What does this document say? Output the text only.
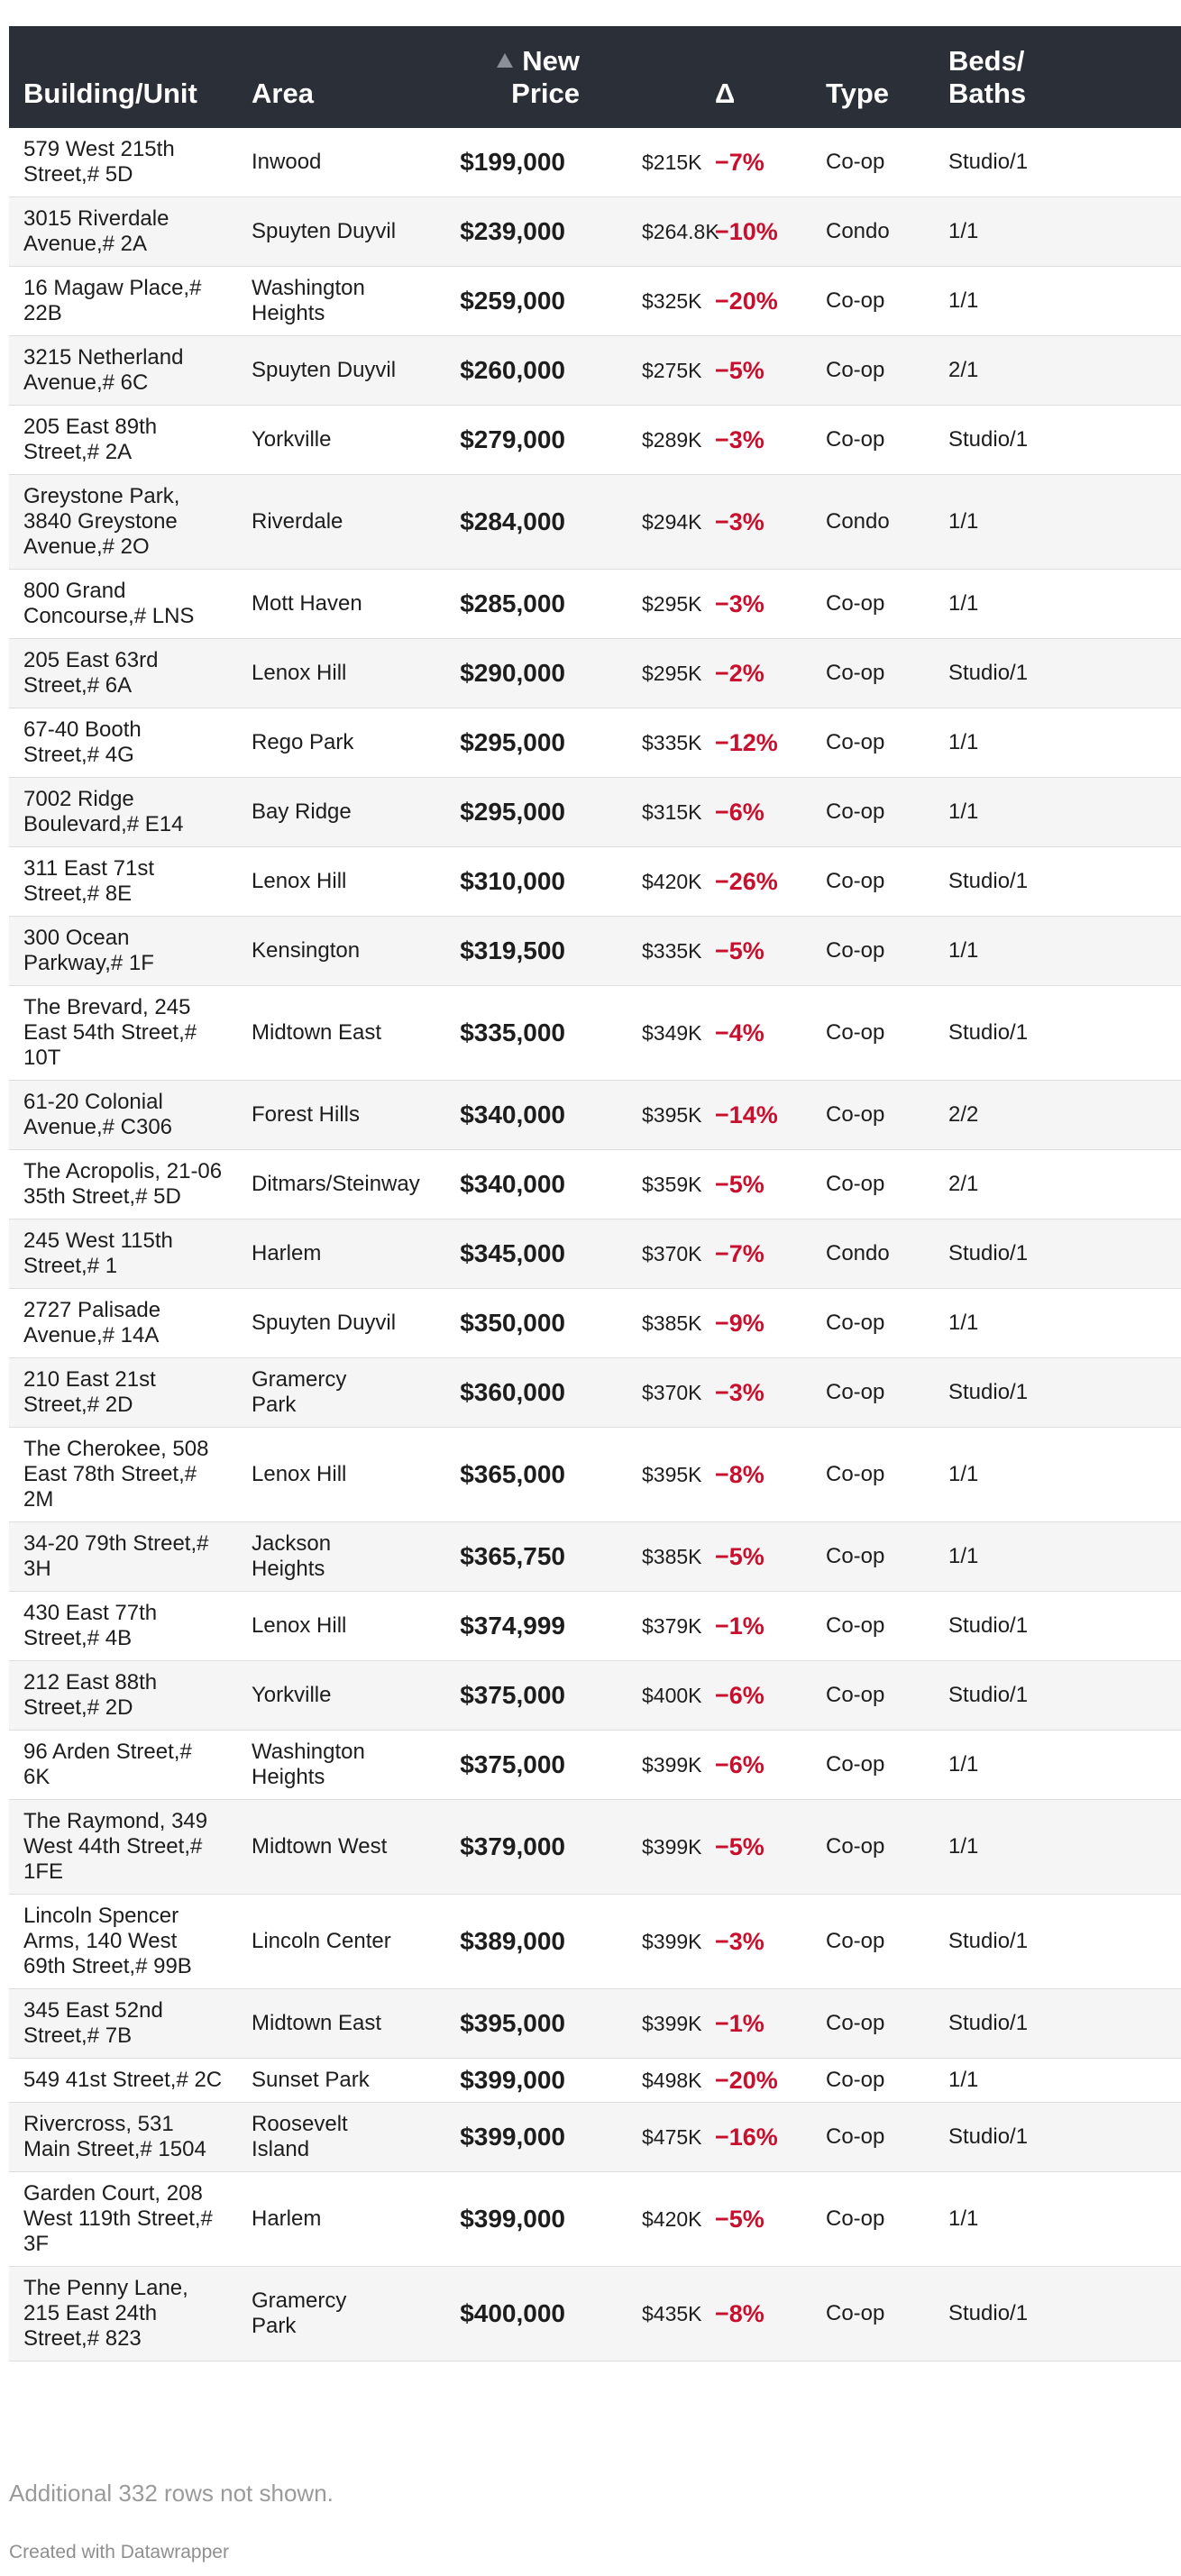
Building/Unit	Area	New Price		Δ	Type	Beds/Baths
579 West 215th Street,# 5D	Inwood	$199,000	$215K	−7%	Co-op	Studio/1
3015 Riverdale Avenue,# 2A	Spuyten Duyvil	$239,000	$264.8K	−10%	Condo	1/1
16 Magaw Place,# 22B	Washington Heights	$259,000	$325K	−20%	Co-op	1/1
3215 Netherland Avenue,# 6C	Spuyten Duyvil	$260,000	$275K	−5%	Co-op	2/1
205 East 89th Street,# 2A	Yorkville	$279,000	$289K	−3%	Co-op	Studio/1
Greystone Park, 3840 Greystone Avenue,# 2O	Riverdale	$284,000	$294K	−3%	Condo	1/1
800 Grand Concourse,# LNS	Mott Haven	$285,000	$295K	−3%	Co-op	1/1
205 East 63rd Street,# 6A	Lenox Hill	$290,000	$295K	−2%	Co-op	Studio/1
67-40 Booth Street,# 4G	Rego Park	$295,000	$335K	−12%	Co-op	1/1
7002 Ridge Boulevard,# E14	Bay Ridge	$295,000	$315K	−6%	Co-op	1/1
311 East 71st Street,# 8E	Lenox Hill	$310,000	$420K	−26%	Co-op	Studio/1
300 Ocean Parkway,# 1F	Kensington	$319,500	$335K	−5%	Co-op	1/1
The Brevard, 245 East 54th Street,# 10T	Midtown East	$335,000	$349K	−4%	Co-op	Studio/1
61-20 Colonial Avenue,# C306	Forest Hills	$340,000	$395K	−14%	Co-op	2/2
The Acropolis, 21-06 35th Street,# 5D	Ditmars/Steinway	$340,000	$359K	−5%	Co-op	2/1
245 West 115th Street,# 1	Harlem	$345,000	$370K	−7%	Condo	Studio/1
2727 Palisade Avenue,# 14A	Spuyten Duyvil	$350,000	$385K	−9%	Co-op	1/1
210 East 21st Street,# 2D	Gramercy Park	$360,000	$370K	−3%	Co-op	Studio/1
The Cherokee, 508 East 78th Street,# 2M	Lenox Hill	$365,000	$395K	−8%	Co-op	1/1
34-20 79th Street,# 3H	Jackson Heights	$365,750	$385K	−5%	Co-op	1/1
430 East 77th Street,# 4B	Lenox Hill	$374,999	$379K	−1%	Co-op	Studio/1
212 East 88th Street,# 2D	Yorkville	$375,000	$400K	−6%	Co-op	Studio/1
96 Arden Street,# 6K	Washington Heights	$375,000	$399K	−6%	Co-op	1/1
The Raymond, 349 West 44th Street,# 1FE	Midtown West	$379,000	$399K	−5%	Co-op	1/1
Lincoln Spencer Arms, 140 West 69th Street,# 99B	Lincoln Center	$389,000	$399K	−3%	Co-op	Studio/1
345 East 52nd Street,# 7B	Midtown East	$395,000	$399K	−1%	Co-op	Studio/1
549 41st Street,# 2C	Sunset Park	$399,000	$498K	−20%	Co-op	1/1
Rivercross, 531 Main Street,# 1504	Roosevelt Island	$399,000	$475K	−16%	Co-op	Studio/1
Garden Court, 208 West 119th Street,# 3F	Harlem	$399,000	$420K	−5%	Co-op	1/1
The Penny Lane, 215 East 24th Street,# 823	Gramercy Park	$400,000	$435K	−8%	Co-op	Studio/1
Additional 332 rows not shown.
Created with Datawrapper
